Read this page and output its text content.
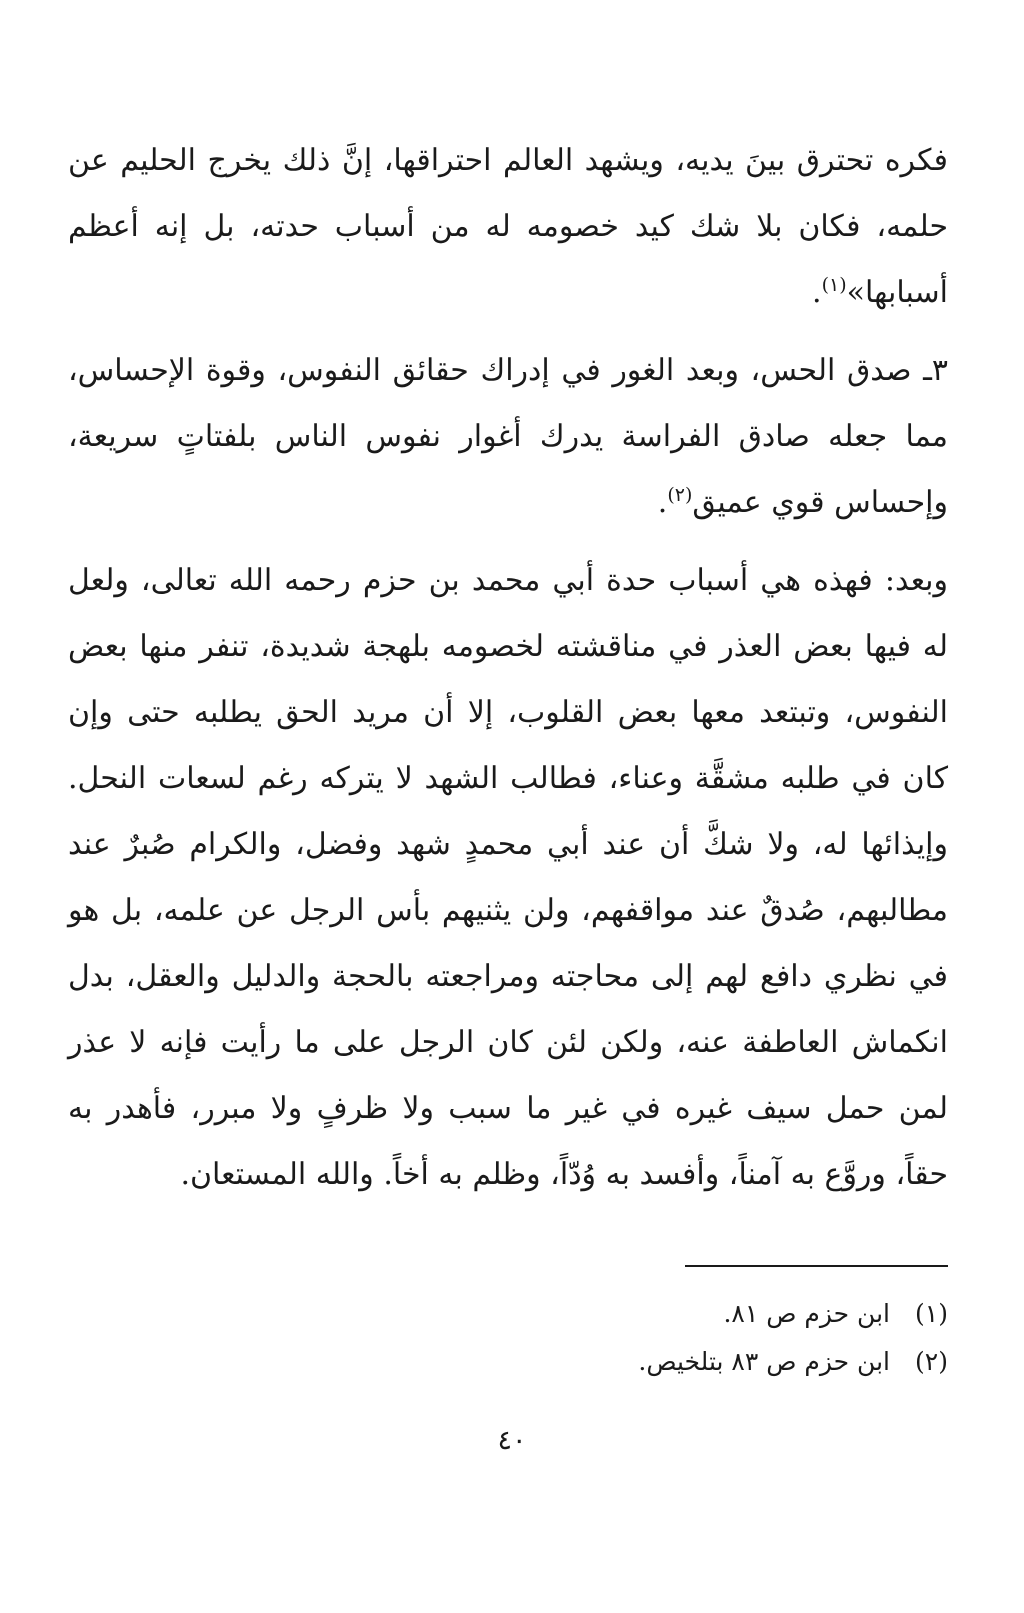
فكره تحترق بينَ يديه، ويشهد العالم احتراقها، إنَّ ذلك يخرج الحليم عن حلمه، فكان بلا شك كيد خصومه له من أسباب حدته، بل إنه أعظم أسبابها»$^{(١)}$.

٣ـ صدق الحس، وبعد الغور في إدراك حقائق النفوس، وقوة الإحساس، مما جعله صادق الفراسة يدرك أغوار نفوس الناس بلفتاتٍ سريعة، وإحساس قوي عميق$^{(٢)}$.

وبعد: فهذه هي أسباب حدة أبي محمد بن حزم رحمه الله تعالى، ولعل له فيها بعض العذر في مناقشته لخصومه بلهجة شديدة، تنفر منها بعض النفوس، وتبتعد معها بعض القلوب، إلا أن مريد الحق يطلبه حتى وإن كان في طلبه مشقَّة وعناء، فطالب الشهد لا يتركه رغم لسعات النحل. وإيذائها له، ولا شكَّ أن عند أبي محمدٍ شهد وفضل، والكرام صُبرٌ عند مطالبهم، صُدقٌ عند مواقفهم، ولن يثنيهم بأس الرجل عن علمه، بل هو في نظري دافع لهم إلى محاجته ومراجعته بالحجة والدليل والعقل، بدل انكماش العاطفة عنه، ولكن لئن كان الرجل على ما رأيت فإنه لا عذر لمن حمل سيف غيره في غير ما سبب ولا ظرفٍ ولا مبرر، فأهدر به حقاً، وروَّع به آمناً، وأفسد به وُدّاً، وظلم به أخاً. والله المستعان.

(١)
ابن حزم ص ٨١.
(٢)
ابن حزم ص ٨٣ بتلخيص.
٤٠
